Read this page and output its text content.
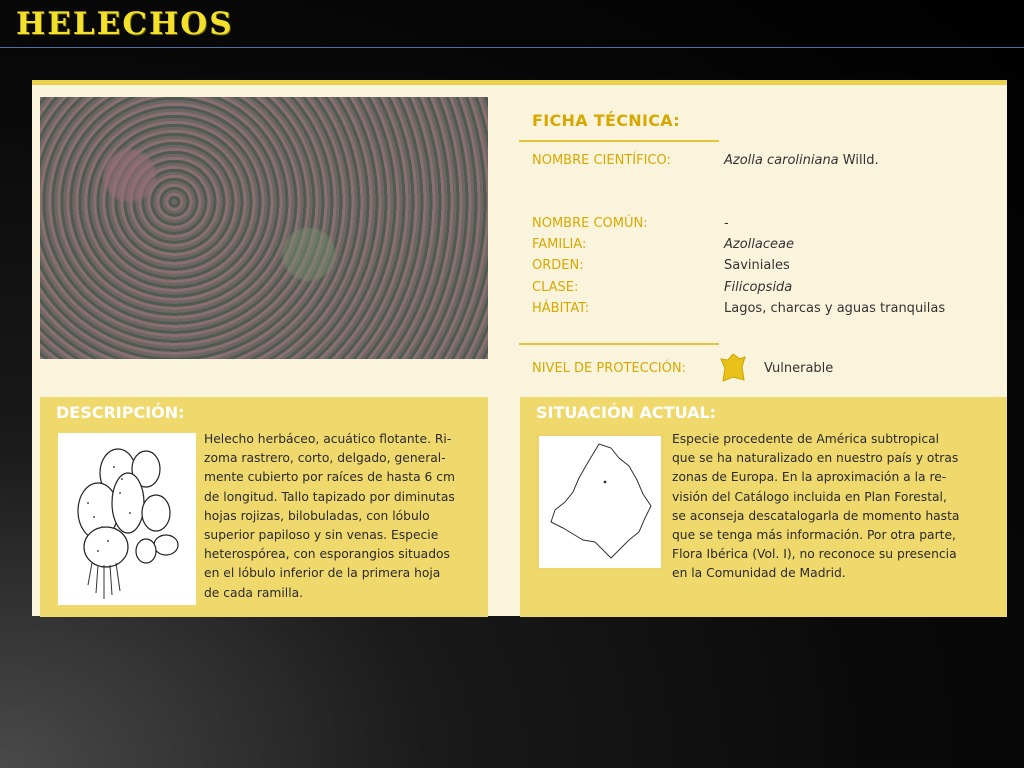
HELECHOS
FICHA TÉCNICA:
NOMBRE CIENTÍFICO:	Azolla caroliniana Willd.
NOMBRE COMÚN:	-
FAMILIA:	Azollaceae
ORDEN:	Saviniales
CLASE:	Filicopsida
HÁBITAT:	Lagos, charcas y aguas tranquilas
NIVEL DE PROTECCIÓN:	Vulnerable
DESCRIPCIÓN:
Helecho herbáceo, acuático flotante. Ri-
zoma rastrero, corto, delgado, general-
mente cubierto por raíces de hasta 6 cm
de longitud. Tallo tapizado por diminutas
hojas rojizas, bilobuladas, con lóbulo
superior papiloso y sin venas. Especie
heterospórea, con esporangios situados
en el lóbulo inferior de la primera hoja
de cada ramilla.
SITUACIÓN ACTUAL:
Especie procedente de América subtropical
que se ha naturalizado en nuestro país y otras
zonas de Europa. En la aproximación a la re-
visión del Catálogo incluida en Plan Forestal,
se aconseja descatalogarla de momento hasta
que se tenga más información. Por otra parte,
Flora Ibérica (Vol. I), no reconoce su presencia
en la Comunidad de Madrid.
